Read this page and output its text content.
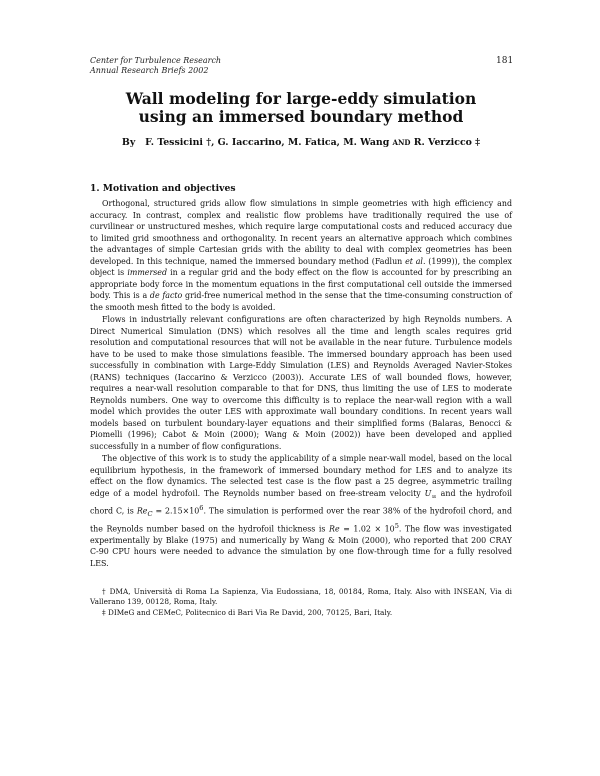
Center for Turbulence Research
Annual Research Briefs 2002
181
Wall modeling for large-eddy simulation
using an immersed boundary method
By F. Tessicini †, G. Iaccarino, M. Fatica, M. Wang and R. Verzicco ‡
1. Motivation and objectives

Orthogonal, structured grids allow flow simulations in simple geometries with high efficiency and accuracy. In contrast, complex and realistic flow problems have traditionally required the use of curvilinear or unstructured meshes, which require large computational costs and reduced accuracy due to limited grid smoothness and orthogonality. In recent years an alternative approach which combines the advantages of simple Cartesian grids with the ability to deal with complex geometries has been developed. In this technique, named the immersed boundary method (Fadlun et al. (1999)), the complex object is immersed in a regular grid and the body effect on the flow is accounted for by prescribing an appropriate body force in the momentum equations in the first computational cell outside the immersed body. This is a de facto grid-free numerical method in the sense that the time-consuming construction of the smooth mesh fitted to the body is avoided.

Flows in industrially relevant configurations are often characterized by high Reynolds numbers. A Direct Numerical Simulation (DNS) which resolves all the time and length scales requires grid resolution and computational resources that will not be available in the near future. Turbulence models have to be used to make those simulations feasible. The immersed boundary approach has been used successfully in combination with Large-Eddy Simulation (LES) and Reynolds Averaged Navier-Stokes (RANS) techniques (Iaccarino & Verzicco (2003)). Accurate LES of wall bounded flows, however, requires a near-wall resolution comparable to that for DNS, thus limiting the use of LES to moderate Reynolds numbers. One way to overcome this difficulty is to replace the near-wall region with a wall model which provides the outer LES with approximate wall boundary conditions. In recent years wall models based on turbulent boundary-layer equations and their simplified forms (Balaras, Benocci & Piomelli (1996); Cabot & Moin (2000); Wang & Moin (2002)) have been developed and applied successfully in a number of flow configurations.

The objective of this work is to study the applicability of a simple near-wall model, based on the local equilibrium hypothesis, in the framework of immersed boundary method for LES and to analyze its effect on the flow dynamics. The selected test case is the flow past a 25 degree, asymmetric trailing edge of a model hydrofoil. The Reynolds number based on free-stream velocity $U_\infty$ and the hydrofoil chord C, is $Re_C = 2.15\times 10^6$. The simulation is performed over the rear 38% of the hydrofoil chord, and the Reynolds number based on the hydrofoil thickness is $Re = 1.02 \times 10^5$. The flow was investigated experimentally by Blake (1975) and numerically by Wang & Moin (2000), who reported that 200 CRAY C-90 CPU hours were needed to advance the simulation by one flow-through time for a fully resolved LES.

† DMA, Università di Roma La Sapienza, Via Eudossiana, 18, 00184, Roma, Italy. Also with INSEAN, Via di Vallerano 139, 00128, Roma, Italy.

‡ DIMeG and CEMeC, Politecnico di Bari Via Re David, 200, 70125, Bari, Italy.
